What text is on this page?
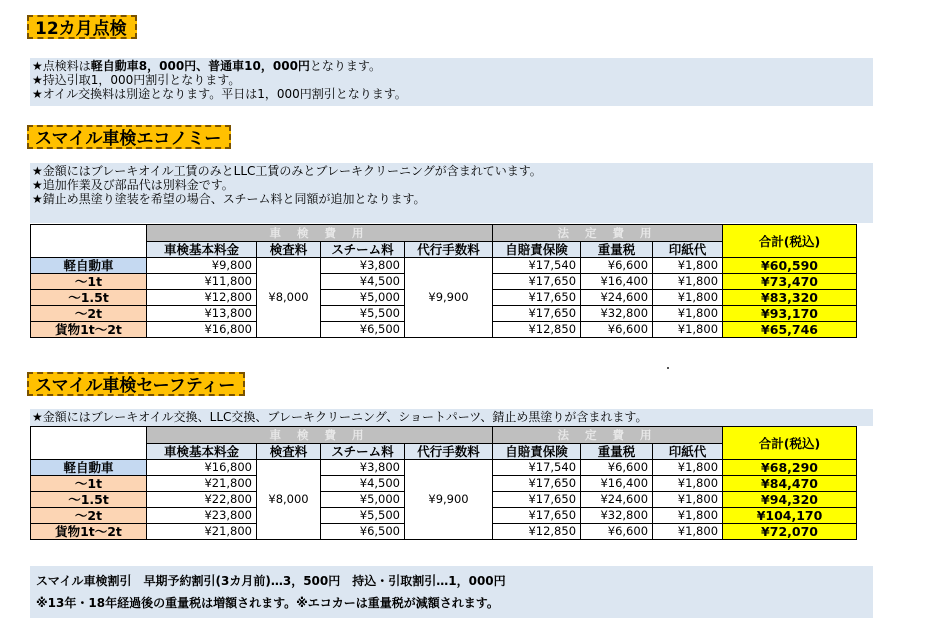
12カ月点検
★点検料は軽自動車8，000円、普通車10，000円となります。
★持込引取1，000円割引となります。
★オイル交換料は別途となります。平日は1，000円割引となります。
スマイル車検エコノミー
★金額にはブレーキオイル工賃のみとLLC工賃のみとブレーキクリーニングが含まれています。
★追加作業及び部品代は別料金です。
★錆止め黒塗り塗装を希望の場合、スチーム料と同額が追加となります。
	車 検 費 用				法 定 費 用			合計(税込)
	車検基本料金	検査料	スチーム料	代行手数料	自賠責保険	重量税	印紙代	
軽自動車	¥9,800	¥8,000	¥3,800	¥9,900	¥17,540	¥6,600	¥1,800	¥60,590
～1t	¥11,800		¥4,500		¥17,650	¥16,400	¥1,800	¥73,470
～1.5t	¥12,800		¥5,000		¥17,650	¥24,600	¥1,800	¥83,320
～2t	¥13,800		¥5,500		¥17,650	¥32,800	¥1,800	¥93,170
貨物1t～2t	¥16,800		¥6,500		¥12,850	¥6,600	¥1,800	¥65,746
スマイル車検セーフティー
★金額にはブレーキオイル交換、LLC交換、ブレーキクリーニング、ショートパーツ、錆止め黒塗りが含まれます。
	車 検 費 用				法 定 費 用			合計(税込)
	車検基本料金	検査料	スチーム料	代行手数料	自賠責保険	重量税	印紙代	
軽自動車	¥16,800	¥8,000	¥3,800	¥9,900	¥17,540	¥6,600	¥1,800	¥68,290
～1t	¥21,800		¥4,500		¥17,650	¥16,400	¥1,800	¥84,470
～1.5t	¥22,800		¥5,000		¥17,650	¥24,600	¥1,800	¥94,320
～2t	¥23,800		¥5,500		¥17,650	¥32,800	¥1,800	¥104,170
貨物1t～2t	¥21,800		¥6,500		¥12,850	¥6,600	¥1,800	¥72,070
スマイル車検割引　早期予約割引(3カ月前)…3，500円　持込・引取割引…1，000円
※13年・18年経過後の重量税は増額されます。※エコカーは重量税が減額されます。
